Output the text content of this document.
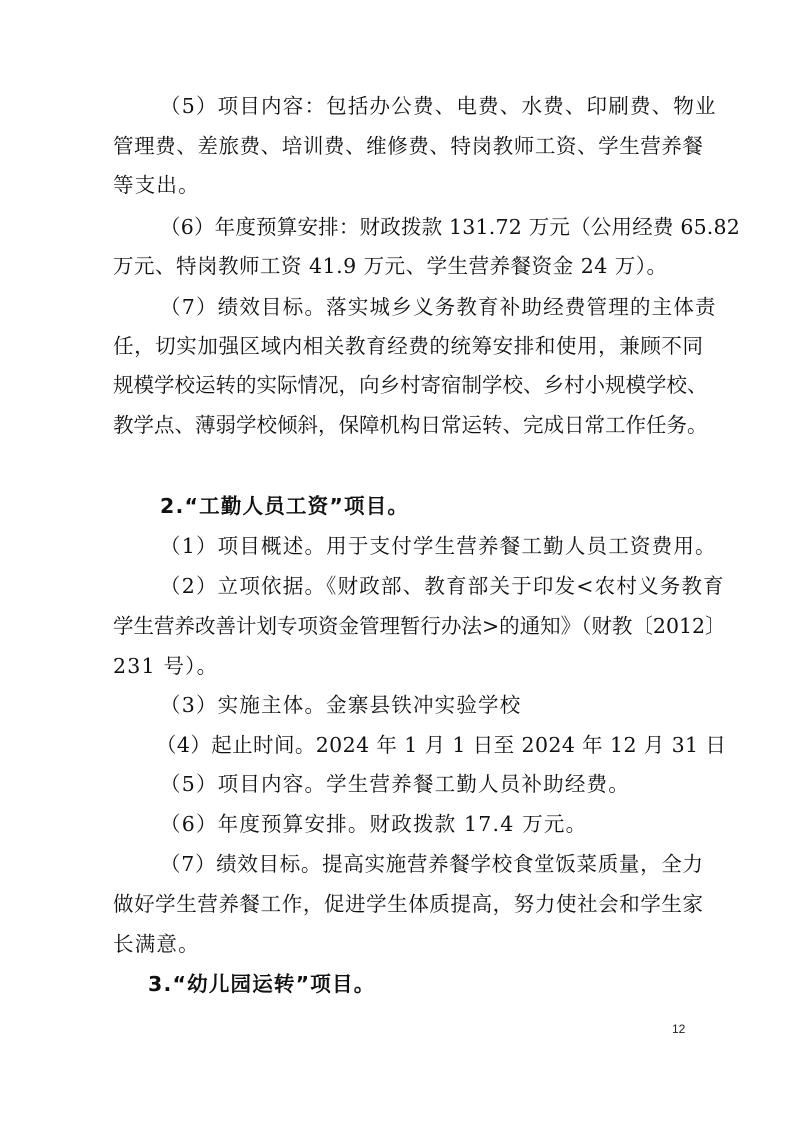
（5）项目内容：包括办公费、电费、水费、印刷费、物业
管理费、差旅费、培训费、维修费、特岗教师工资、学生营养餐
等支出。
（6）年度预算安排：财政拨款 131.72 万元（公用经费 65.82
万元、特岗教师工资 41.9 万元、学生营养餐资金 24 万）。
（7）绩效目标。落实城乡义务教育补助经费管理的主体责
任，切实加强区域内相关教育经费的统筹安排和使用，兼顾不同
规模学校运转的实际情况，向乡村寄宿制学校、乡村小规模学校、
教学点、薄弱学校倾斜，保障机构日常运转、完成日常工作任务。
2.“工勤人员工资”项目。
（1）项目概述。用于支付学生营养餐工勤人员工资费用。
（2）立项依据。《财政部、教育部关于印发<农村义务教育
学生营养改善计划专项资金管理暂行办法>的通知》（财教〔2012〕
231 号）。
（3）实施主体。金寨县铁冲实验学校
（4）起止时间。2024 年 1 月 1 日至 2024 年 12 月 31 日
（5）项目内容。学生营养餐工勤人员补助经费。
（6）年度预算安排。财政拨款 17.4 万元。
（7）绩效目标。提高实施营养餐学校食堂饭菜质量，全力
做好学生营养餐工作，促进学生体质提高，努力使社会和学生家
长满意。
3.“幼儿园运转”项目。
12
